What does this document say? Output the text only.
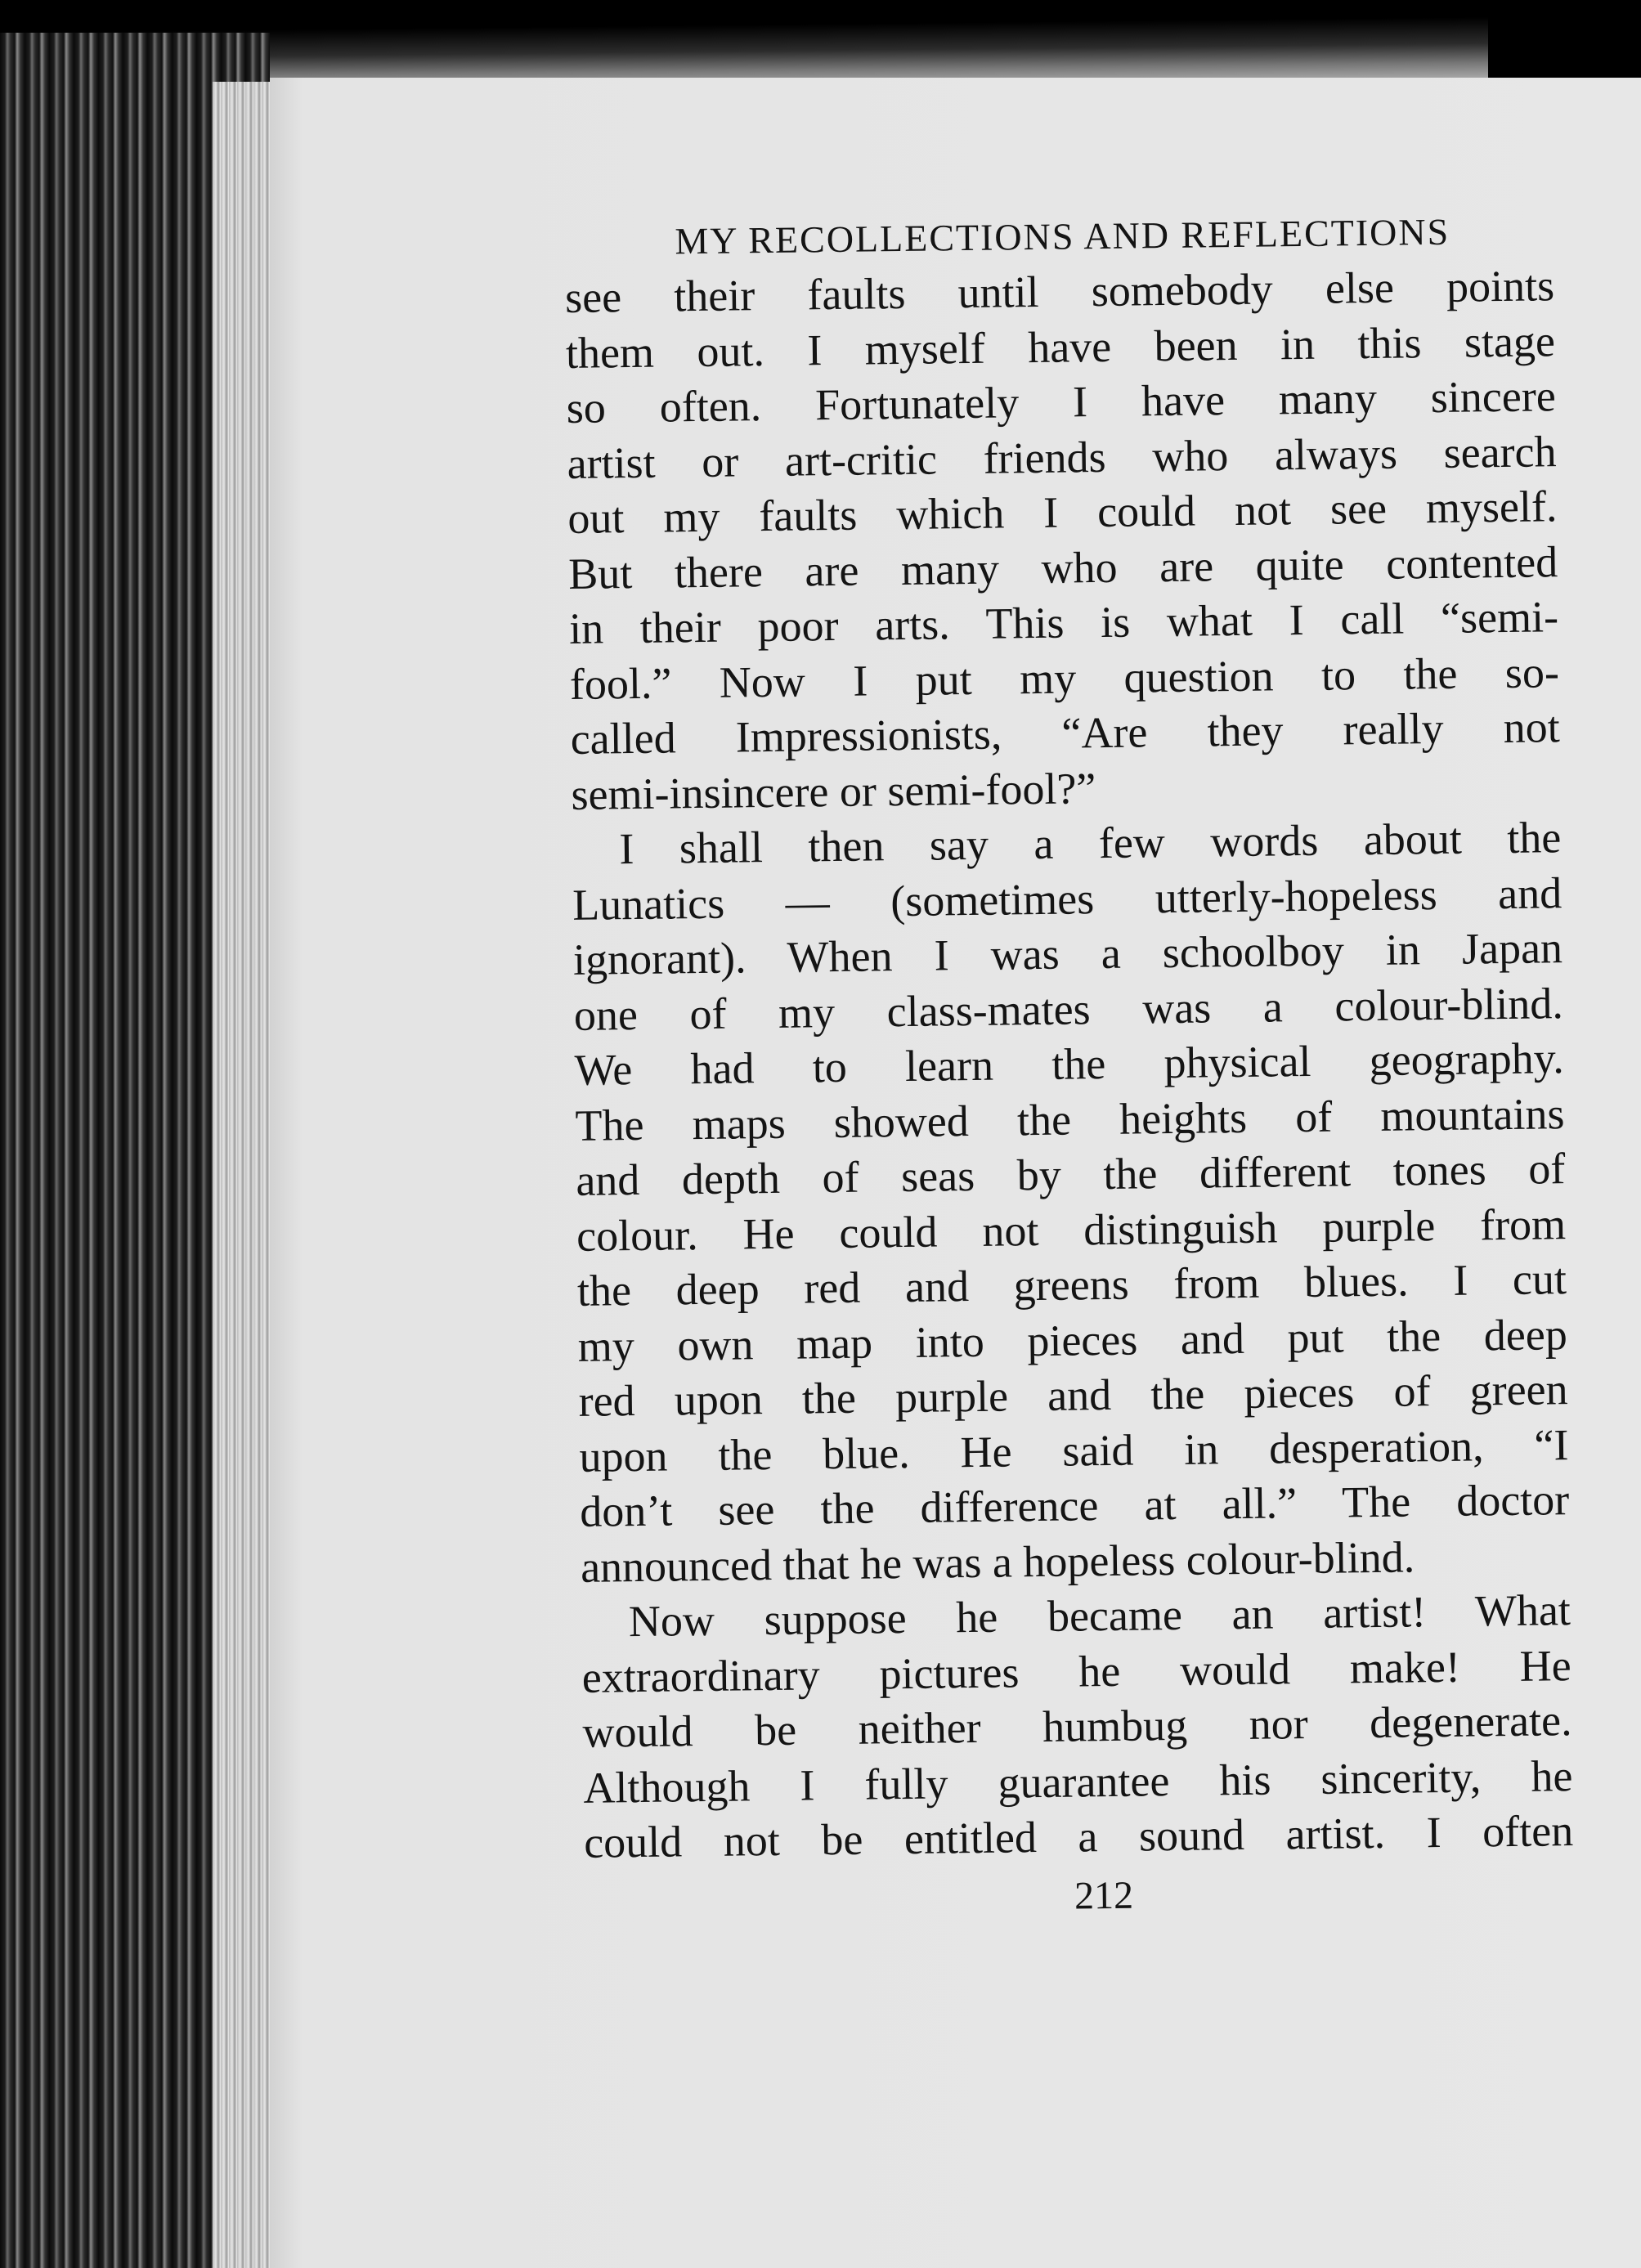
MY RECOLLECTIONS AND REFLECTIONS
see their faults until somebody else points
them out. I myself have been in this stage
so often. Fortunately I have many sincere
artist or art-critic friends who always search
out my faults which I could not see myself.
But there are many who are quite contented
in their poor arts. This is what I call “semi-
fool.” Now I put my question to the so-
called Impressionists, “Are they really not
semi-insincere or semi-fool?”
I shall then say a few words about the
Lunatics — (sometimes utterly-hopeless and
ignorant). When I was a schoolboy in Japan
one of my class-mates was a colour-blind.
We had to learn the physical geography.
The maps showed the heights of mountains
and depth of seas by the different tones of
colour. He could not distinguish purple from
the deep red and greens from blues. I cut
my own map into pieces and put the deep
red upon the purple and the pieces of green
upon the blue. He said in desperation, “I
don’t see the difference at all.” The doctor
announced that he was a hopeless colour-blind.
Now suppose he became an artist! What
extraordinary pictures he would make! He
would be neither humbug nor degenerate.
Although I fully guarantee his sincerity, he
could not be entitled a sound artist. I often
212
